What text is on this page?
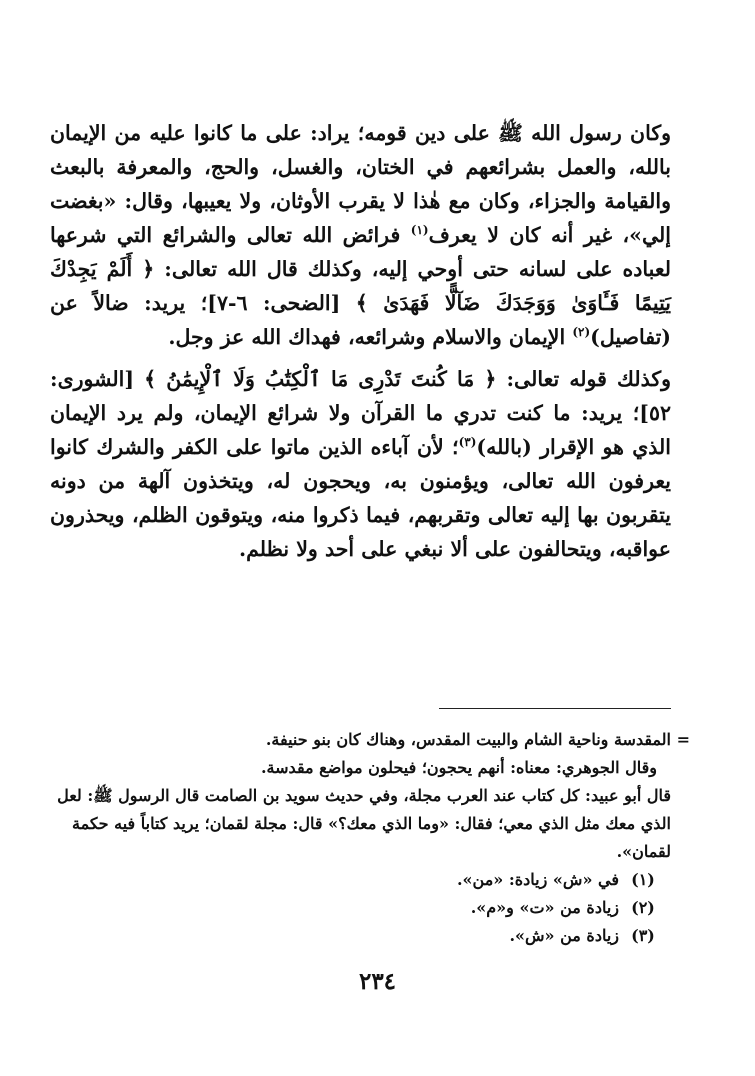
وكان رسول الله ﷺ على دين قومه؛ يراد: على ما كانوا عليه من الإيمان بالله، والعمل بشرائعهم في الختان، والغسل، والحج، والمعرفة بالبعث والقيامة والجزاء، وكان مع هٰذا لا يقرب الأوثان، ولا يعيبها، وقال: «بغضت إلي»، غير أنه كان لا يعرف$^{(١)}$ فرائض الله تعالى والشرائع التي شرعها لعباده على لسانه حتى أوحي إليه، وكذلك قال الله تعالى: ﴿ أَلَمْ يَجِدْكَ يَتِيمًا فَـَٔاوَىٰ وَوَجَدَكَ ضَآلًّا فَهَدَىٰ ﴾ [الضحى: ٦-٧]؛ يريد: ضالاً عن (تفاصيل)$^{(٢)}$ الإيمان والاسلام وشرائعه، فهداك الله عز وجل.

وكذلك قوله تعالى: ﴿ مَا كُنتَ تَدْرِى مَا ٱلْكِتَٰبُ وَلَا ٱلْإِيمَٰنُ ﴾ [الشورى: ٥٢]؛ يريد: ما كنت تدري ما القرآن ولا شرائع الإيمان، ولم يرد الإيمان الذي هو الإقرار (بالله)$^{(٣)}$؛ لأن آباءه الذين ماتوا على الكفر والشرك كانوا يعرفون الله تعالى، ويؤمنون به، ويحجون له، ويتخذون آلهة من دونه يتقربون بها إليه تعالى وتقربهم، فيما ذكروا منه، ويتوقون الظلم، ويحذرون عواقبه، ويتحالفون على ألا نبغي على أحد ولا نظلم.

=

المقدسة وناحية الشام والبيت المقدس، وهناك كان بنو حنيفة.

وقال الجوهري: معناه: أنهم يحجون؛ فيحلون مواضع مقدسة.

قال أبو عبيد: كل كتاب عند العرب مجلة، وفي حديث سويد بن الصامت قال الرسول ﷺ: لعل الذي معك مثل الذي معي؛ فقال: «وما الذي معك؟» قال: مجلة لقمان؛ يريد كتاباً فيه حكمة لقمان».

(١)
في «ش» زيادة: «من».

(٢)
زيادة من «ت» و«م».

(٣)
زيادة من «ش».

٢٣٤
